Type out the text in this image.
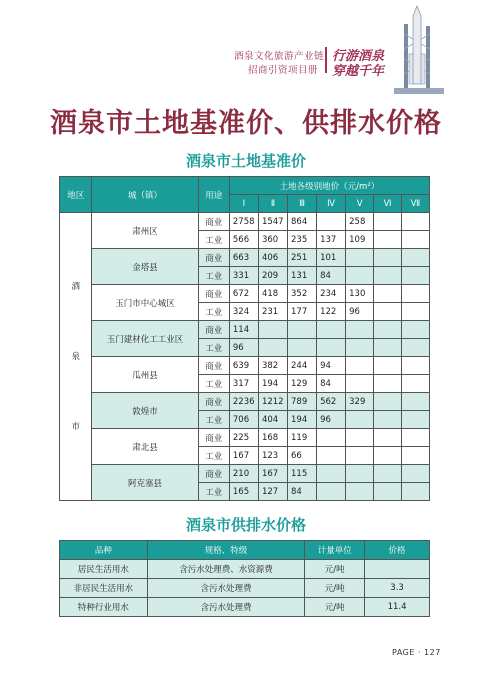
酒泉文化旅游产业链
招商引资项目册
行游酒泉
穿越千年
酒泉市土地基准价、供排水价格
酒泉市土地基准价
地区	城（镇）	用途	土地各级别地价（元/m²）						
			Ⅰ	Ⅱ	Ⅲ	Ⅳ	Ⅴ	Ⅵ	Ⅶ

酒
泉
市	肃州区	商业	2758	1547	864		258		
		工业	566	360	235	137	109		
	金塔县	商业	663	406	251	101			
		工业	331	209	131	84			
	玉门市中心城区	商业	672	418	352	234	130		
		工业	324	231	177	122	96		
	玉门建材化工工业区	商业	114						
		工业	96						
	瓜州县	商业	639	382	244	94			
		工业	317	194	129	84			
	敦煌市	商业	2236	1212	789	562	329		
		工业	706	404	194	96			
	肃北县	商业	225	168	119				
		工业	167	123	66				
	阿克塞县	商业	210	167	115				
		工业	165	127	84				
酒泉市供排水价格
品种	规格、特级	计量单位	价格
居民生活用水	含污水处理费、水资源费	元/吨	
非居民生活用水	含污水处理费	元/吨	3.3
特种行业用水	含污水处理费	元/吨	11.4
PAGE · 127
